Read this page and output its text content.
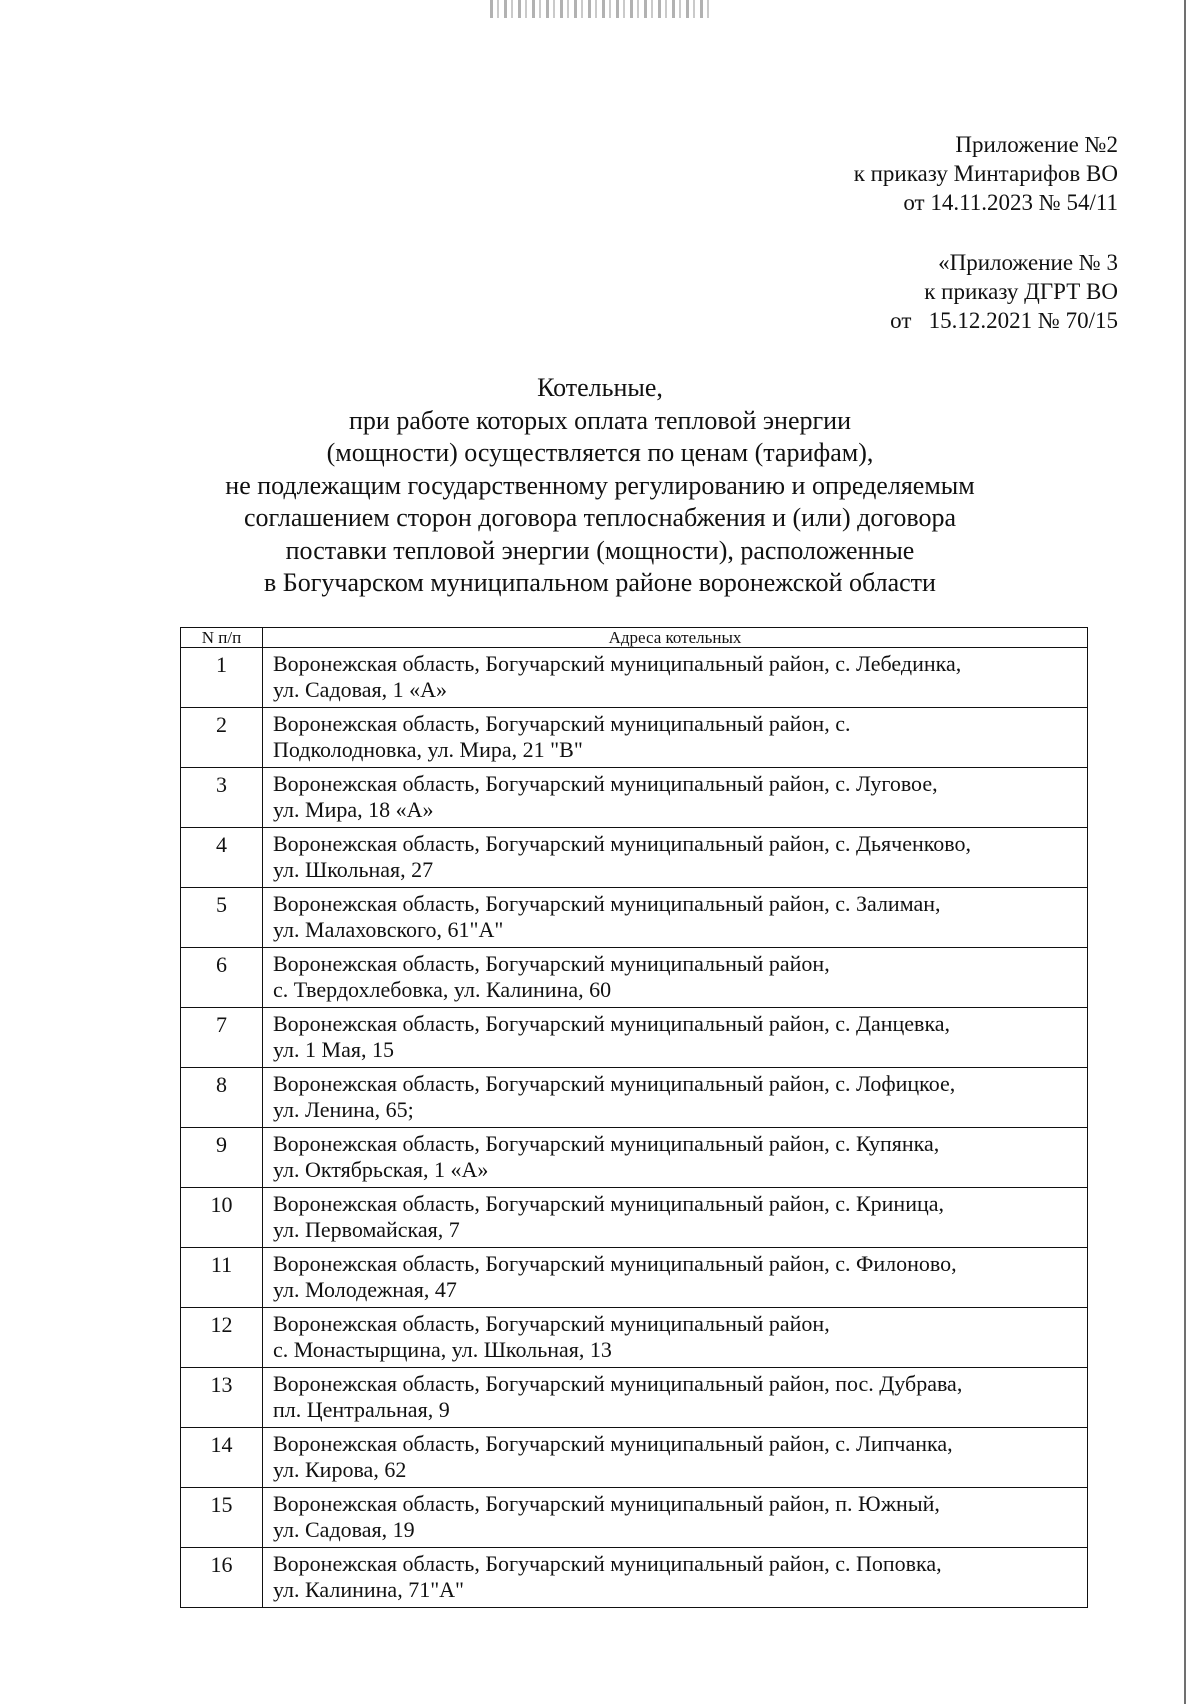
Приложение №2
к приказу Минтарифов ВО
от 14.11.2023 № 54/11
«Приложение № 3
к приказу ДГРТ ВО
от   15.12.2021 № 70/15
Котельные,
при работе которых оплата тепловой энергии
(мощности) осуществляется по ценам (тарифам),
не подлежащим государственному регулированию и определяемым
соглашением сторон договора теплоснабжения и (или) договора
поставки тепловой энергии (мощности), расположенные
в Богучарском муниципальном районе воронежской области
N п/п	Адреса котельных
1	Воронежская область, Богучарский муниципальный район, с. Лебединка,
ул. Садовая, 1 «А»

2	Воронежская область, Богучарский муниципальный район, с.
Подколодновка, ул. Мира, 21 "В"

3	Воронежская область, Богучарский муниципальный район, с. Луговое,
ул. Мира, 18 «А»

4	Воронежская область, Богучарский муниципальный район, с. Дьяченково,
ул. Школьная, 27

5	Воронежская область, Богучарский муниципальный район, с. Залиман,
ул. Малаховского, 61"А"

6	Воронежская область, Богучарский муниципальный район,
с. Твердохлебовка, ул. Калинина, 60

7	Воронежская область, Богучарский муниципальный район, с. Данцевка,
ул. 1 Мая, 15

8	Воронежская область, Богучарский муниципальный район, с. Лофицкое,
ул. Ленина, 65;

9	Воронежская область, Богучарский муниципальный район, с. Купянка,
ул. Октябрьская, 1 «А»

10	Воронежская область, Богучарский муниципальный район, с. Криница,
ул. Первомайская, 7

11	Воронежская область, Богучарский муниципальный район, с. Филоново,
ул. Молодежная, 47

12	Воронежская область, Богучарский муниципальный район,
с. Монастырщина, ул. Школьная, 13

13	Воронежская область, Богучарский муниципальный район, пос. Дубрава,
пл. Центральная, 9

14	Воронежская область, Богучарский муниципальный район, с. Липчанка,
ул. Кирова, 62

15	Воронежская область, Богучарский муниципальный район, п. Южный,
ул. Садовая, 19

16	Воронежская область, Богучарский муниципальный район, с. Поповка,
ул. Калинина, 71"А"
